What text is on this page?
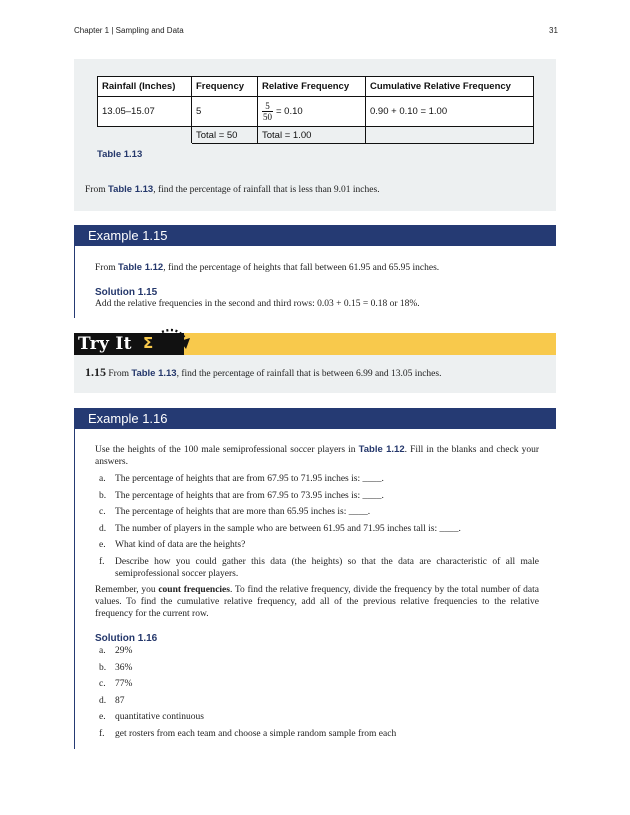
Chapter 1 | Sampling and Data	31
Rainfall (Inches)	Frequency	Relative Frequency	Cumulative Relative Frequency
13.05–15.07	5	$\frac{5}{50} = 0.10$	0.90 + 0.10 = 1.00
	Total = 50	Total = 1.00	
Table 1.13
From Table 1.13, find the percentage of rainfall that is less than 9.01 inches.
Example 1.15
From Table 1.12, find the percentage of heights that fall between 61.95 and 65.95 inches.
Solution 1.15
Add the relative frequencies in the second and third rows: 0.03 + 0.15 = 0.18 or 18%.
Try It Σ
1.15 From Table 1.13, find the percentage of rainfall that is between 6.99 and 13.05 inches.
Example 1.16
Use the heights of the 100 male semiprofessional soccer players in Table 1.12. Fill in the blanks and check your answers.
a. The percentage of heights that are from 67.95 to 71.95 inches is: ____.
b. The percentage of heights that are from 67.95 to 73.95 inches is: ____.
c. The percentage of heights that are more than 65.95 inches is: ____.
d. The number of players in the sample who are between 61.95 and 71.95 inches tall is: ____.
e. What kind of data are the heights?
f. Describe how you could gather this data (the heights) so that the data are characteristic of all male semiprofessional soccer players.
Remember, you count frequencies. To find the relative frequency, divide the frequency by the total number of data values. To find the cumulative relative frequency, add all of the previous relative frequencies to the relative frequency for the current row.
Solution 1.16
a. 29%
b. 36%
c. 77%
d. 87
e. quantitative continuous
f. get rosters from each team and choose a simple random sample from each
